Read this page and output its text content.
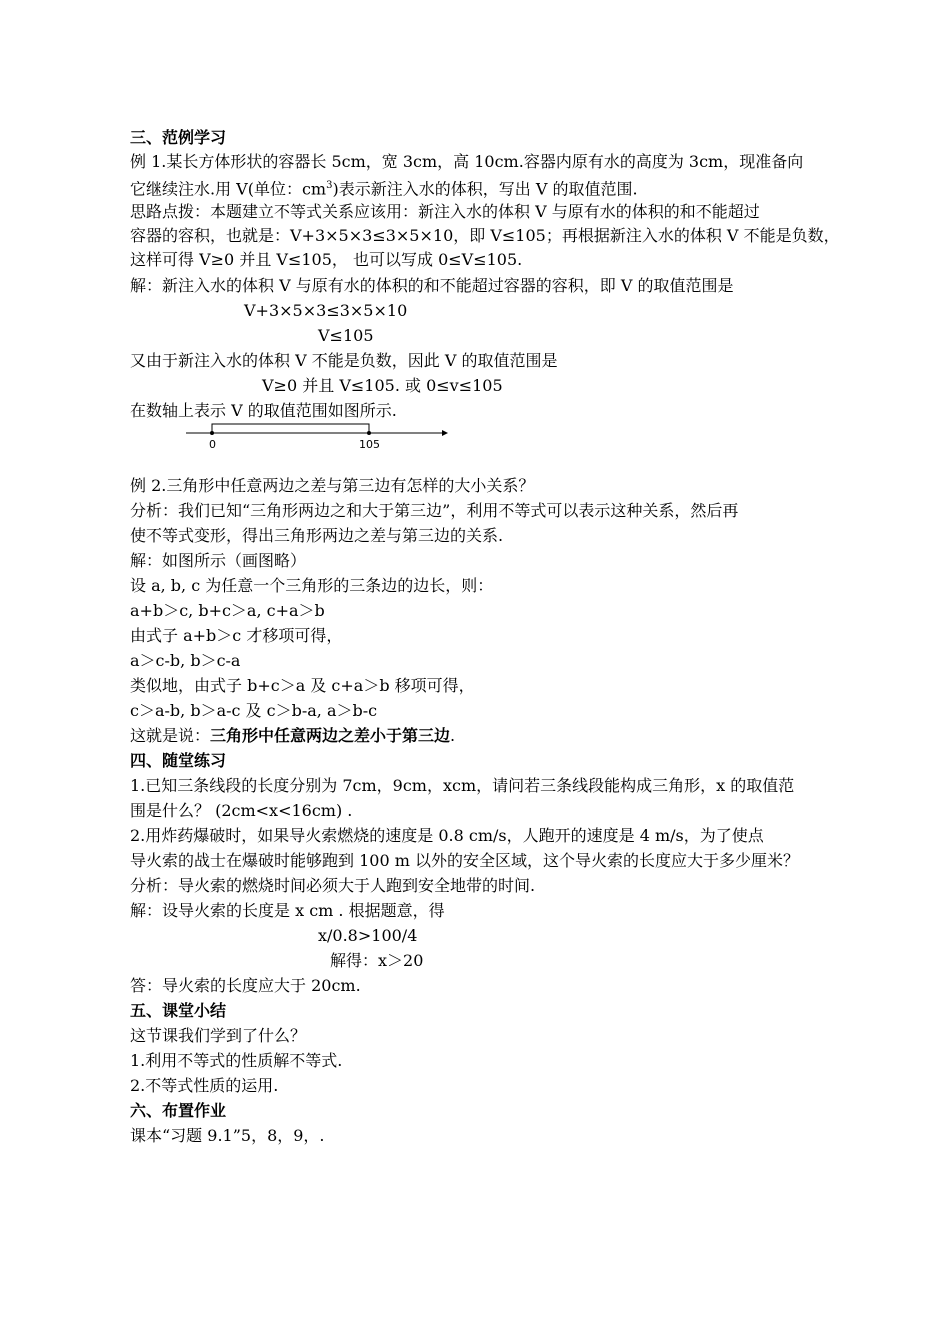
三、范例学习
例 1.某长方体形状的容器长 5cm，宽 3cm，高 10cm.容器内原有水的高度为 3cm，现准备向
它继续注水.用 V(单位：$cm^3$)表示新注入水的体积，写出 V 的取值范围.
思路点拨：本题建立不等式关系应该用：新注入水的体积 V 与原有水的体积的和不能超过
容器的容积，也就是：V+3×5×3≤3×5×10，即 V≤105；再根据新注入水的体积 V 不能是负数，
这样可得 V≥0 并且 V≤105， 也可以写成 0≤V≤105.
解：新注入水的体积 V 与原有水的体积的和不能超过容器的容积，即 V 的取值范围是
V+3×5×3≤3×5×10
V≤105
又由于新注入水的体积 V 不能是负数，因此 V 的取值范围是
V≥0 并且 V≤105. 或 0≤v≤105
在数轴上表示 V 的取值范围如图所示.
0	105
例 2.三角形中任意两边之差与第三边有怎样的大小关系？
分析：我们已知“三角形两边之和大于第三边”，利用不等式可以表示这种关系，然后再
使不等式变形，得出三角形两边之差与第三边的关系.
解：如图所示（画图略）
设 a, b, c 为任意一个三角形的三条边的边长，则：
a+b＞c, b+c＞a, c+a＞b
由式子 a+b＞c 才移项可得，
a＞c-b, b＞c-a
类似地，由式子 b+c＞a 及 c+a＞b 移项可得，
c＞a-b, b＞a-c 及 c＞b-a, a＞b-c
这就是说：三角形中任意两边之差小于第三边.
四、随堂练习
1.已知三条线段的长度分别为 7cm，9cm，xcm，请问若三条线段能构成三角形，x 的取值范
围是什么？ (2cm<x<16cm) .
2.用炸药爆破时，如果导火索燃烧的速度是 0.8 cm/s，人跑开的速度是 4 m/s，为了使点
导火索的战士在爆破时能够跑到 100 m 以外的安全区域，这个导火索的长度应大于多少厘米？
分析：导火索的燃烧时间必须大于人跑到安全地带的时间.
解：设导火索的长度是 x cm . 根据题意，得
x/0.8>100/4
解得：x＞20
答：导火索的长度应大于 20cm.
五、课堂小结
这节课我们学到了什么？
1.利用不等式的性质解不等式.
2.不等式性质的运用.
六、布置作业
课本“习题 9.1”5，8，9，.
